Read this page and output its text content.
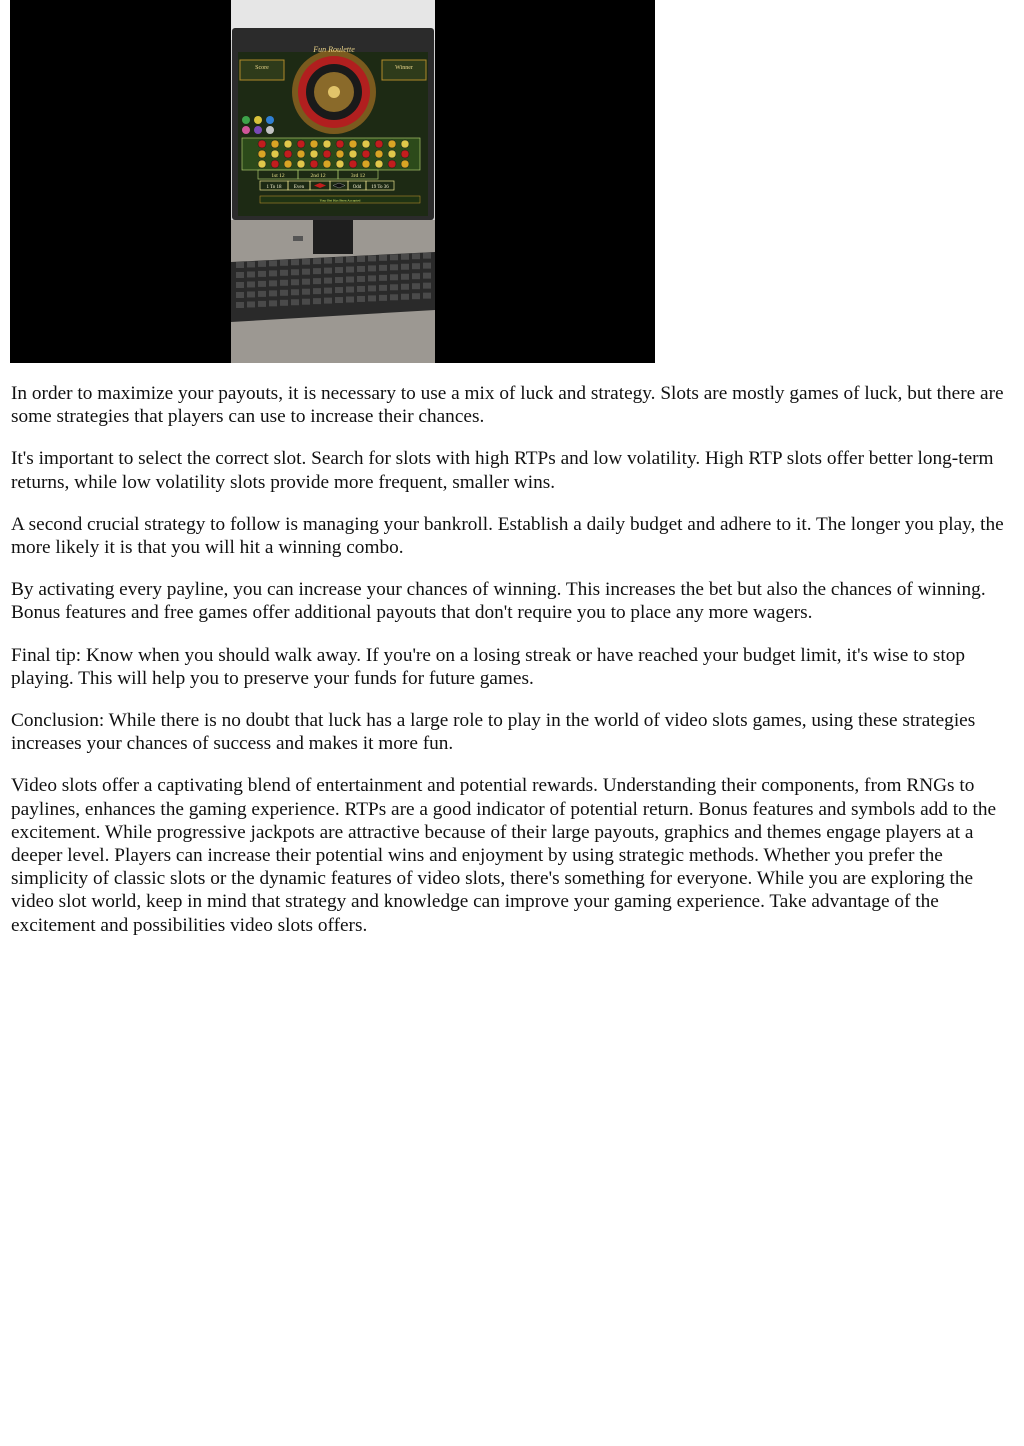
Score	Winner
Fun Roulette
1st 12	2nd 12	3rd 12
1 To 18 Even	Odd 19 To 36
Your Bet Has Been Accepted

In order to maximize your payouts, it is necessary to use a mix of luck and strategy. Slots are mostly games of luck, but there are some strategies that players can use to increase their chances.

It's important to select the correct slot. Search for slots with high RTPs and low volatility. High RTP slots offer better long-term returns, while low volatility slots provide more frequent, smaller wins.

A second crucial strategy to follow is managing your bankroll. Establish a daily budget and adhere to it. The longer you play, the more likely it is that you will hit a winning combo.

By activating every payline, you can increase your chances of winning. This increases the bet but also the chances of winning. Bonus features and free games offer additional payouts that don't require you to place any more wagers.

Final tip: Know when you should walk away. If you're on a losing streak or have reached your budget limit, it's wise to stop playing. This will help you to preserve your funds for future games.

Conclusion: While there is no doubt that luck has a large role to play in the world of video slots games, using these strategies increases your chances of success and makes it more fun.

Video slots offer a captivating blend of entertainment and potential rewards. Understanding their components, from RNGs to paylines, enhances the gaming experience. RTPs are a good indicator of potential return. Bonus features and symbols add to the excitement. While progressive jackpots are attractive because of their large payouts, graphics and themes engage players at a deeper level. Players can increase their potential wins and enjoyment by using strategic methods. Whether you prefer the simplicity of classic slots or the dynamic features of video slots, there's something for everyone. While you are exploring the video slot world, keep in mind that strategy and knowledge can improve your gaming experience. Take advantage of the excitement and possibilities video slots offers.
